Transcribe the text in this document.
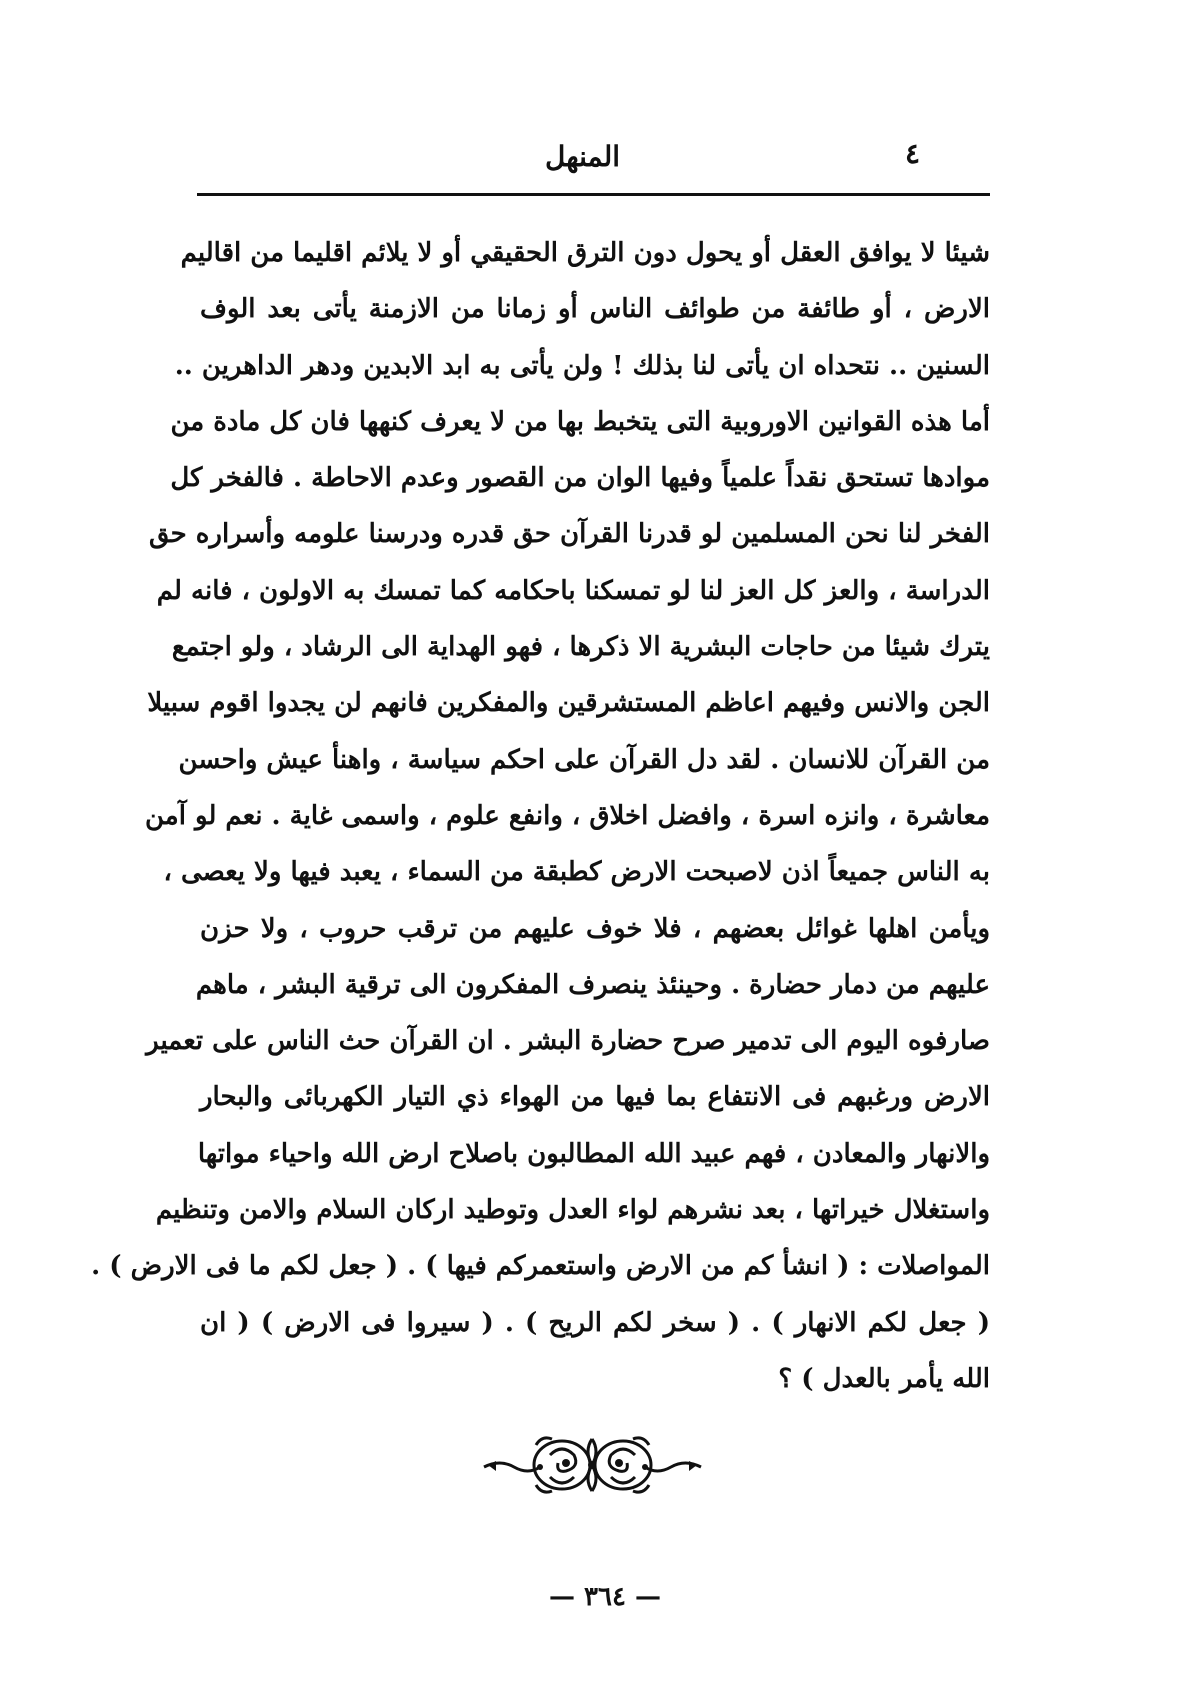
٤
المنهل
شيئا لا يوافق العقل أو يحول دون الترق الحقيقي أو لا يلائم اقليما من اقاليم
الارض ، أو طائفة من طوائف الناس أو زمانا من الازمنة يأتى بعد الوف
السنين .. نتحداه ان يأتى لنا بذلك ! ولن يأتى به ابد الابدين ودهر الداهرين ..
أما هذه القوانين الاوروبية التى يتخبط بها من لا يعرف كنهها فان كل مادة من
موادها تستحق نقداً علمياً وفيها الوان من القصور وعدم الاحاطة . فالفخر كل
الفخر لنا نحن المسلمين لو قدرنا القرآن حق قدره ودرسنا علومه وأسراره حق
الدراسة ، والعز كل العز لنا لو تمسكنا باحكامه كما تمسك به الاولون ، فانه لم
يترك شيئا من حاجات البشرية الا ذكرها ، فهو الهداية الى الرشاد ، ولو اجتمع
الجن والانس وفيهم اعاظم المستشرقين والمفكرين فانهم لن يجدوا اقوم سبيلا
من القرآن للانسان . لقد دل القرآن على احكم سياسة ، واهنأ عيش واحسن
معاشرة ، وانزه اسرة ، وافضل اخلاق ، وانفع علوم ، واسمى غاية . نعم لو آمن
به الناس جميعاً اذن لاصبحت الارض كطبقة من السماء ، يعبد فيها ولا يعصى ،
ويأمن اهلها غوائل بعضهم ، فلا خوف عليهم من ترقب حروب ، ولا حزن
عليهم من دمار حضارة . وحينئذ ينصرف المفكرون الى ترقية البشر ، ماهم
صارفوه اليوم الى تدمير صرح حضارة البشر . ان القرآن حث الناس على تعمير
الارض ورغبهم فى الانتفاع بما فيها من الهواء ذي التيار الكهربائى والبحار
والانهار والمعادن ، فهم عبيد الله المطالبون باصلاح ارض الله واحياء مواتها
واستغلال خيراتها ، بعد نشرهم لواء العدل وتوطيد اركان السلام والامن وتنظيم
المواصلات : ( انشأ كم من الارض واستعمركم فيها ) . ( جعل لكم ما فى الارض ) .
( جعل لكم الانهار ) . ( سخر لكم الريح ) . ( سيروا فى الارض ) ( ان
الله يأمر بالعدل ) ؟
— ٣٦٤ —
